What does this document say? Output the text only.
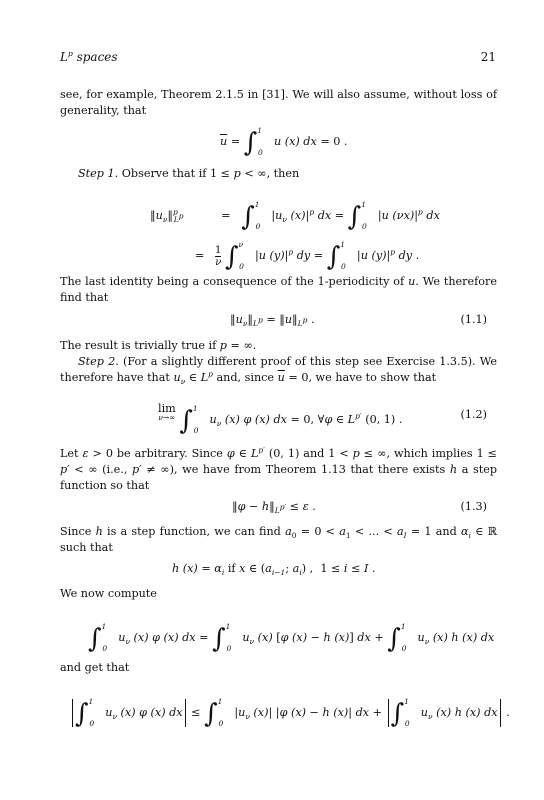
$L^p$ spaces	21
see, for example, Theorem 2.1.5 in [31]. We will also assume, without loss of generality, that
$\overline{u} = \int^1_0$  u (x) dx = 0 .
Step 1. Observe that if 1 ≤ p < ∞, then
$‖u_\nu‖^p_{L^p}$	= ∫$^1_0$  $|u_\nu$ $(x)|^p$ dx = ∫$^1_0$  |u $(\nu x)|^p$ dx
= $\frac{1}{\nu} \int^\nu_0$  |u $(y)|^p$ dy = ∫$^1_0$  |u $(y)|^p$ dy .
The last identity being a consequence of the 1-periodicity of u. We therefore find that
$‖u_\nu‖_{L^p}$ = $‖u‖_{L^p}$ .	(1.1)
The result is trivially true if p = ∞.
Step 2. (For a slightly different proof of this step see Exercise 1.3.5). We therefore have that $u_\nu$ ∈ $L^p$ and, since $\overline{u} = 0$, we have to show that
lim
ν→∞ ∫$^1_0$  $u_\nu$ (x) φ (x) dx = 0, ∀φ ∈ $L^{p'}$ (0, 1) .	(1.2)
Let ε > 0 be arbitrary. Since φ ∈ $L^{p'}$ (0, 1) and 1 < p ≤ ∞, which implies 1 ≤ p′ < ∞ (i.e., p′ ≠ ∞), we have from Theorem 1.13 that there exists h a step function so that
‖φ − $h‖_{L^{p'}} \le \varepsilon$ .	(1.3)
Since h is a step function, we can find $a_0 = 0 < a_1$ < ... < $a_I = 1$ and $\alpha_i$ ∈ ℝ such that
h $(x) = \alpha_i$ if x ∈ ($a_{i-1}$; $a_i$) ,  1 ≤ i ≤ I .
We now compute
∫$^1_0$  $u_\nu$ (x) φ (x) dx = ∫$^1_0$  $u_\nu$ (x) [φ (x) − h (x)] dx + ∫$^1_0$  $u_\nu$ (x) h (x) dx
and get that
∫$^1_0$  $u_\nu$ (x) φ (x) dx ≤ ∫$^1_0$  $|u_\nu$ (x)| |φ (x) − h (x)| dx + ∫$^1_0$  $u_\nu$ (x) h (x) dx .
